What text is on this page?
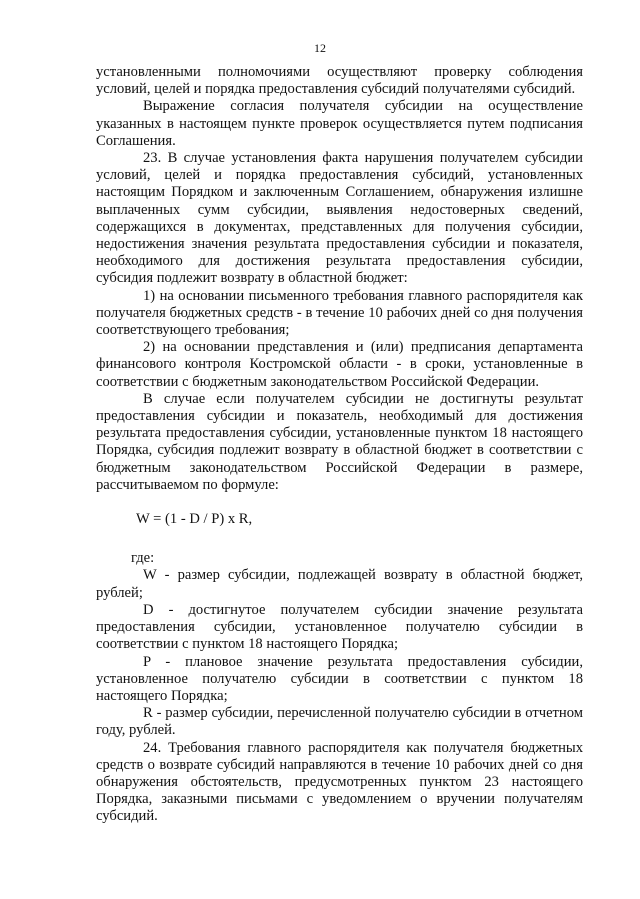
12

установленными полномочиями осуществляют проверку соблюдения условий, целей и порядка предоставления субсидий получателями субсидий.

Выражение согласия получателя субсидии на осуществление указанных в настоящем пункте проверок осуществляется путем подписания Соглашения.

23. В случае установления факта нарушения получателем субсидии условий, целей и порядка предоставления субсидий, установленных настоящим Порядком и заключенным Соглашением, обнаружения излишне выплаченных сумм субсидии, выявления недостоверных сведений, содержащихся в документах, представленных для получения субсидии, недостижения значения результата предоставления субсидии и показателя, необходимого для достижения результата предоставления субсидии, субсидия подлежит возврату в областной бюджет:

1) на основании письменного требования главного распорядителя как получателя бюджетных средств - в течение 10 рабочих дней со дня получения соответствующего требования;

2) на основании представления и (или) предписания департамента финансового контроля Костромской области - в сроки, установленные в соответствии с бюджетным законодательством Российской Федерации.

В случае если получателем субсидии не достигнуты результат предоставления субсидии и показатель, необходимый для достижения результата предоставления субсидии, установленные пунктом 18 настоящего Порядка, субсидия подлежит возврату в областной бюджет в соответствии с бюджетным законодательством Российской Федерации в размере, рассчитываемом по формуле:

W = (1 - D / P) x R,

где:

W - размер субсидии, подлежащей возврату в областной бюджет, рублей;

D - достигнутое получателем субсидии значение результата предоставления субсидии, установленное получателю субсидии в соответствии с пунктом 18 настоящего Порядка;

P - плановое значение результата предоставления субсидии, установленное получателю субсидии в соответствии с пунктом 18 настоящего Порядка;

R - размер субсидии, перечисленной получателю субсидии в отчетном году, рублей.

24. Требования главного распорядителя как получателя бюджетных средств о возврате субсидий направляются в течение 10 рабочих дней со дня обнаружения обстоятельств, предусмотренных пунктом 23 настоящего Порядка, заказными письмами с уведомлением о вручении получателям субсидий.
